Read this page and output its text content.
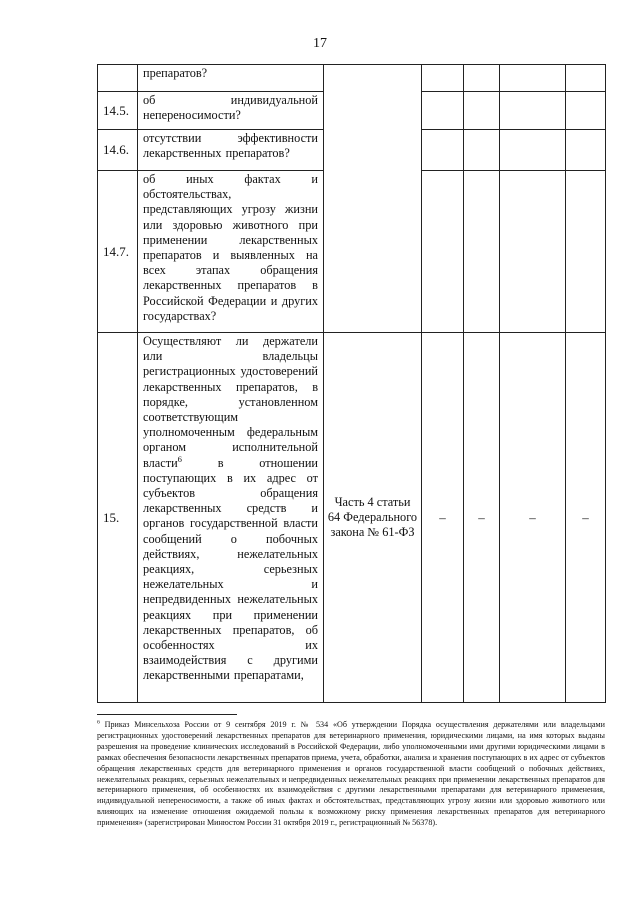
17
	препаратов?					
14.5.	об индивидуальной непереносимости?					
14.6.	отсутствии эффективности лекарственных препаратов?					
14.7.	об иных фактах и обстоятельствах, представляющих угрозу жизни или здоровью животного при применении лекарственных препаратов и выявленных на всех этапах обращения лекарственных препаратов в Российской Федерации и других государствах?					
15.	Осуществляют ли держатели или владельцы регистрационных удостоверений лекарственных препаратов, в порядке, установленном соответствующим уполномоченным федеральным органом исполнительной власти$^6$ в отношении поступающих в их адрес от субъектов обращения лекарственных средств и органов государственной власти сообщений о побочных действиях, нежелательных реакциях, серьезных нежелательных и непредвиденных нежелательных реакциях при применении лекарственных препаратов, об особенностях их взаимодействия с другими лекарственными препаратами,	Часть 4 статьи 64 Федерального закона № 61-ФЗ	–	–	–	–
$^6$ Приказ Минсельхоза России от 9 сентября 2019 г. № 534 «Об утверждении Порядка осуществления держателями или владельцами регистрационных удостоверений лекарственных препаратов для ветеринарного применения, юридическими лицами, на имя которых выданы разрешения на проведение клинических исследований в Российской Федерации, либо уполномоченными ими другими юридическими лицами в рамках обеспечения безопасности лекарственных препаратов приема, учета, обработки, анализа и хранения поступающих в их адрес от субъектов обращения лекарственных средств для ветеринарного применения и органов государственной власти сообщений о побочных действиях, нежелательных реакциях, серьезных нежелательных и непредвиденных нежелательных реакциях при применении лекарственных препаратов для ветеринарного применения, об особенностях их взаимодействия с другими лекарственными препаратами для ветеринарного применения, индивидуальной непереносимости, а также об иных фактах и обстоятельствах, представляющих угрозу жизни или здоровью животного или влияющих на изменение отношения ожидаемой пользы к возможному риску применения лекарственных препаратов для ветеринарного применения» (зарегистрирован Минюстом России 31 октября 2019 г., регистрационный № 56378).
